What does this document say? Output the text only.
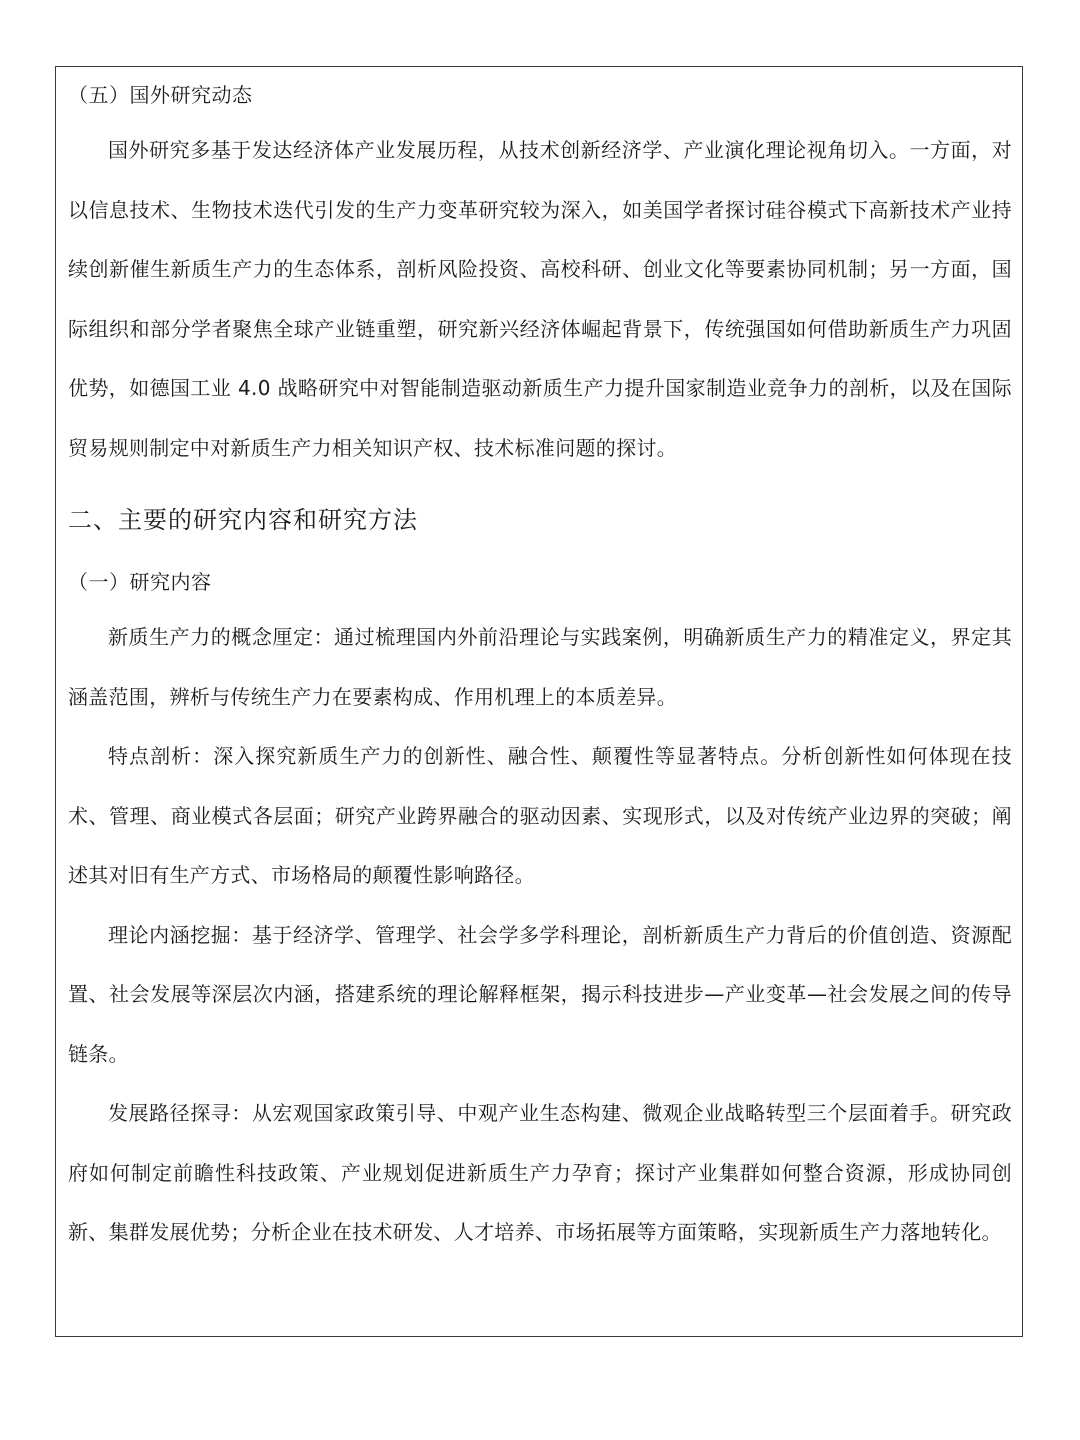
（五）国外研究动态

国外研究多基于发达经济体产业发展历程，从技术创新经济学、产业演化理论视角切入。一方面，对以信息技术、生物技术迭代引发的生产力变革研究较为深入，如美国学者探讨硅谷模式下高新技术产业持续创新催生新质生产力的生态体系，剖析风险投资、高校科研、创业文化等要素协同机制；另一方面，国际组织和部分学者聚焦全球产业链重塑，研究新兴经济体崛起背景下，传统强国如何借助新质生产力巩固优势，如德国工业 4.0 战略研究中对智能制造驱动新质生产力提升国家制造业竞争力的剖析，以及在国际贸易规则制定中对新质生产力相关知识产权、技术标准问题的探讨。

二、主要的研究内容和研究方法
（一）研究内容

新质生产力的概念厘定：通过梳理国内外前沿理论与实践案例，明确新质生产力的精准定义，界定其涵盖范围，辨析与传统生产力在要素构成、作用机理上的本质差异。

特点剖析：深入探究新质生产力的创新性、融合性、颠覆性等显著特点。分析创新性如何体现在技术、管理、商业模式各层面；研究产业跨界融合的驱动因素、实现形式，以及对传统产业边界的突破；阐述其对旧有生产方式、市场格局的颠覆性影响路径。

理论内涵挖掘：基于经济学、管理学、社会学多学科理论，剖析新质生产力背后的价值创造、资源配置、社会发展等深层次内涵，搭建系统的理论解释框架，揭示科技进步—产业变革—社会发展之间的传导链条。

发展路径探寻：从宏观国家政策引导、中观产业生态构建、微观企业战略转型三个层面着手。研究政府如何制定前瞻性科技政策、产业规划促进新质生产力孕育；探讨产业集群如何整合资源，形成协同创新、集群发展优势；分析企业在技术研发、人才培养、市场拓展等方面策略，实现新质生产力落地转化。
